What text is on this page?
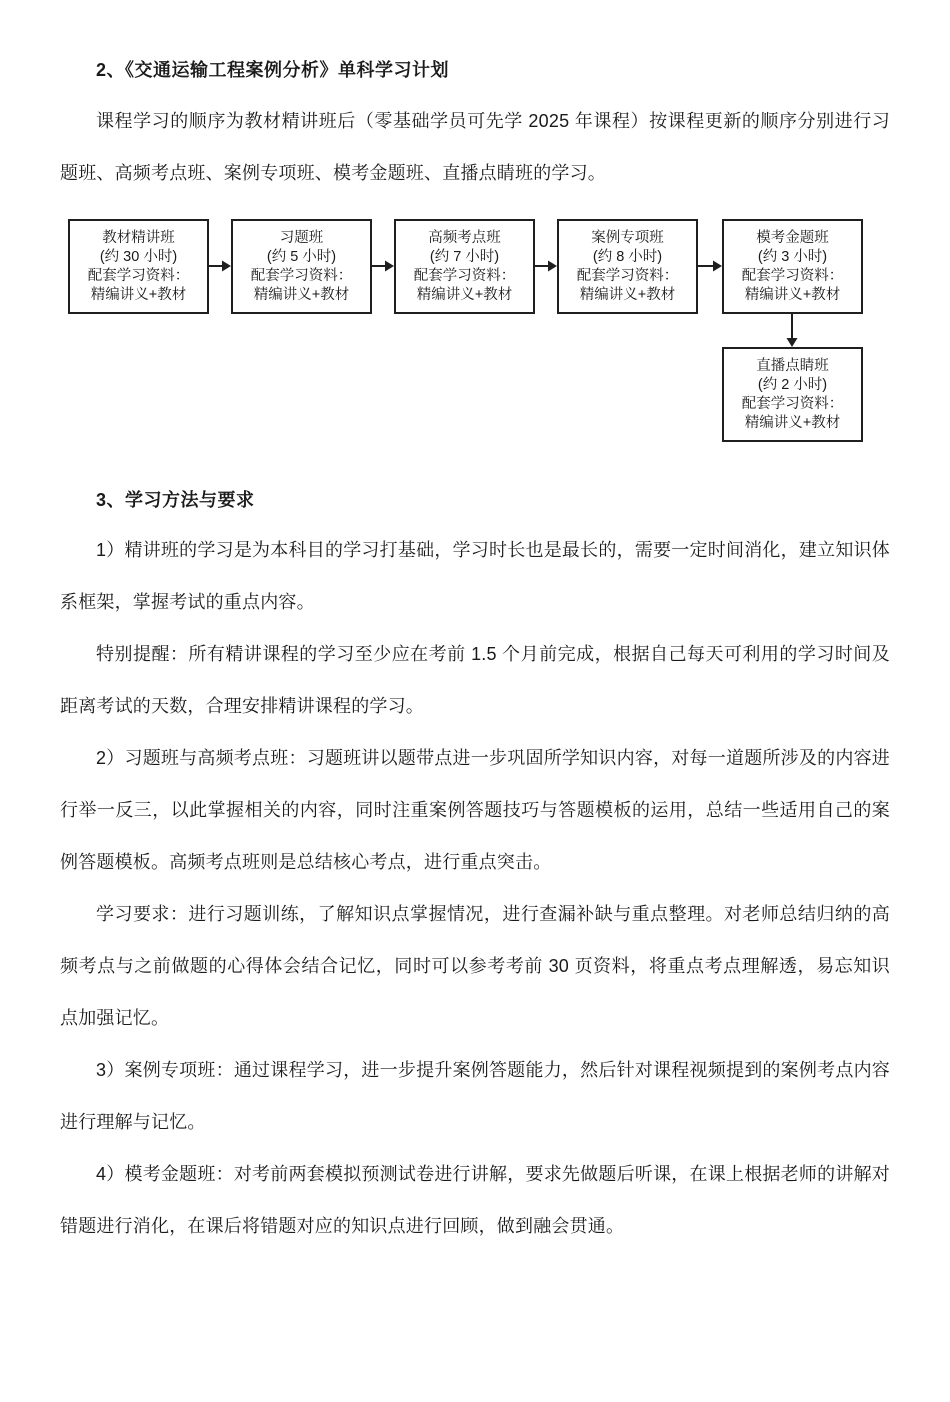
2、《交通运输工程案例分析》单科学习计划

课程学习的顺序为教材精讲班后（零基础学员可先学 2025 年课程）按课程更新的顺序分别进行习题班、高频考点班、案例专项班、模考金题班、直播点睛班的学习。

教材精讲班
(约 30 小时)
配套学习资料：
精编讲义+教材
习题班
(约 5 小时)
配套学习资料：
精编讲义+教材
高频考点班
(约 7 小时)
配套学习资料：
精编讲义+教材
案例专项班
(约 8 小时)
配套学习资料：
精编讲义+教材
模考金题班
(约 3 小时)
配套学习资料：
精编讲义+教材
直播点睛班
(约 2 小时)
配套学习资料：
精编讲义+教材
3、学习方法与要求

1）精讲班的学习是为本科目的学习打基础，学习时长也是最长的，需要一定时间消化，建立知识体系框架，掌握考试的重点内容。

特别提醒：所有精讲课程的学习至少应在考前 1.5 个月前完成，根据自己每天可利用的学习时间及距离考试的天数，合理安排精讲课程的学习。

2）习题班与高频考点班：习题班讲以题带点进一步巩固所学知识内容，对每一道题所涉及的内容进行举一反三，以此掌握相关的内容，同时注重案例答题技巧与答题模板的运用，总结一些适用自己的案例答题模板。高频考点班则是总结核心考点，进行重点突击。

学习要求：进行习题训练，了解知识点掌握情况，进行查漏补缺与重点整理。对老师总结归纳的高频考点与之前做题的心得体会结合记忆，同时可以参考考前 30 页资料，将重点考点理解透，易忘知识点加强记忆。

3）案例专项班：通过课程学习，进一步提升案例答题能力，然后针对课程视频提到的案例考点内容进行理解与记忆。

4）模考金题班：对考前两套模拟预测试卷进行讲解，要求先做题后听课，在课上根据老师的讲解对错题进行消化，在课后将错题对应的知识点进行回顾，做到融会贯通。
